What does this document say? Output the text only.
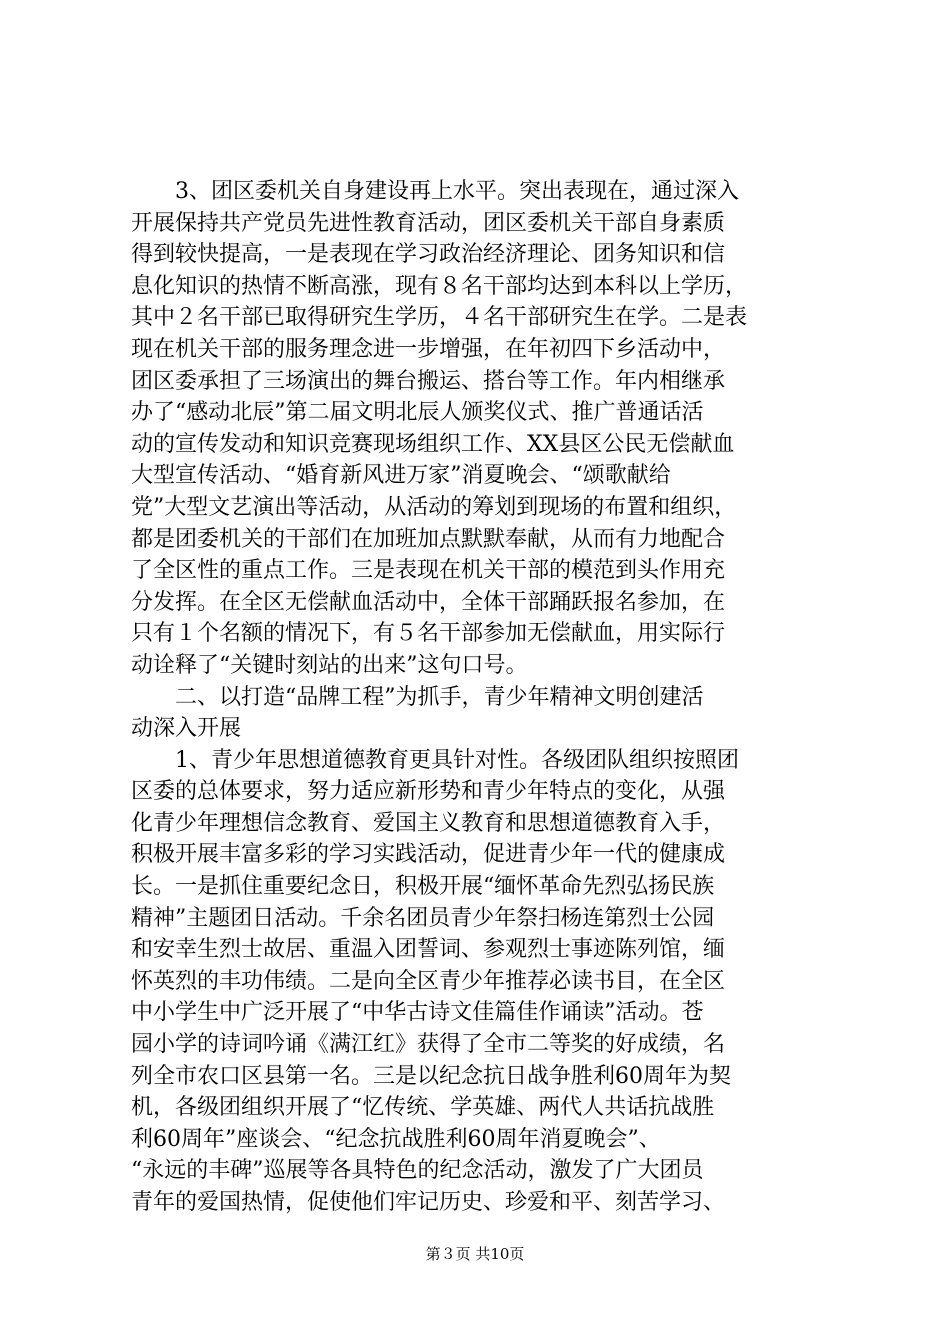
3、团区委机关自身建设再上水平。突出表现在，通过深入
开展保持共产党员先进性教育活动，团区委机关干部自身素质
得到较快提高，一是表现在学习政治经济理论、团务知识和信
息化知识的热情不断高涨，现有８名干部均达到本科以上学历，
其中２名干部已取得研究生学历，４名干部研究生在学。二是表
现在机关干部的服务理念进一步增强，在年初四下乡活动中，
团区委承担了三场演出的舞台搬运、搭台等工作。年内相继承
办了“感动北辰”第二届文明北辰人颁奖仪式、推广普通话活
动的宣传发动和知识竞赛现场组织工作、XX县区公民无偿献血
大型宣传活动、“婚育新风进万家”消夏晚会、“颂歌献给
党”大型文艺演出等活动，从活动的筹划到现场的布置和组织，
都是团委机关的干部们在加班加点默默奉献，从而有力地配合
了全区性的重点工作。三是表现在机关干部的模范到头作用充
分发挥。在全区无偿献血活动中，全体干部踊跃报名参加，在
只有１个名额的情况下，有５名干部参加无偿献血，用实际行
动诠释了“关键时刻站的出来”这句口号。
二、以打造“品牌工程”为抓手，青少年精神文明创建活
动深入开展
1、青少年思想道德教育更具针对性。各级团队组织按照团
区委的总体要求，努力适应新形势和青少年特点的变化，从强
化青少年理想信念教育、爱国主义教育和思想道德教育入手，
积极开展丰富多彩的学习实践活动，促进青少年一代的健康成
长。一是抓住重要纪念日，积极开展“缅怀革命先烈弘扬民族
精神”主题团日活动。千余名团员青少年祭扫杨连第烈士公园
和安幸生烈士故居、重温入团誓词、参观烈士事迹陈列馆，缅
怀英烈的丰功伟绩。二是向全区青少年推荐必读书目，在全区
中小学生中广泛开展了“中华古诗文佳篇佳作诵读”活动。苍
园小学的诗词吟诵《满江红》获得了全市二等奖的好成绩，名
列全市农口区县第一名。三是以纪念抗日战争胜利60周年为契
机，各级团组织开展了“忆传统、学英雄、两代人共话抗战胜
利60周年”座谈会、“纪念抗战胜利60周年消夏晚会”、
“永远的丰碑”巡展等各具特色的纪念活动，激发了广大团员
青年的爱国热情，促使他们牢记历史、珍爱和平、刻苦学习、
第３页 共10页
